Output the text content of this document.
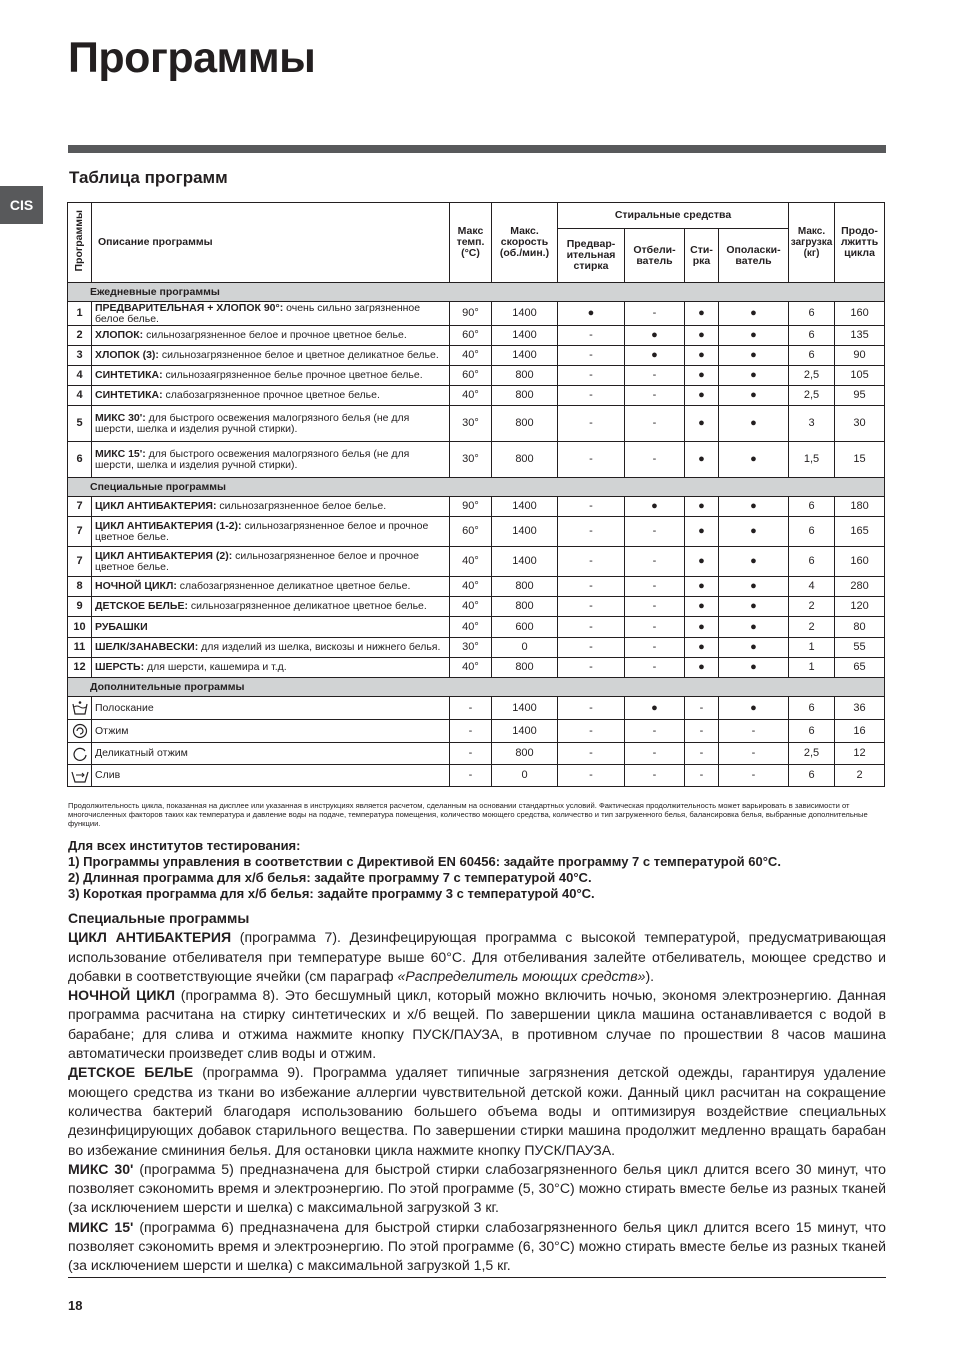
Программы
CIS
Таблица программ
Программы	Описание программы	Макс темп. (°C)	Макс. скорость (об./мин.)	Стиральные средства				Макс. загрузка (кг)	Продо-лжитть цикла
				Предвар-ительная стирка	Отбели-ватель	Сти-рка	Ополаски-ватель		
Ежедневные программы									
1	ПРЕДВАРИТЕЛЬНАЯ + ХЛОПОК 90°: очень сильно загрязненное белое белье.	90°	1400	●	-	●	●	6	160
2	ХЛОПОК: сильнозагрязненное белое и прочное цветное белье.	60°	1400	-	●	●	●	6	135
3	ХЛОПОК (3): сильнозагрязненное белое и цветное деликатное белье.	40°	1400	-	●	●	●	6	90
4	СИНТЕТИКА: сильнозаягрязненное белье прочное цветное белье.	60°	800	-	-	●	●	2,5	105
4	СИНТЕТИКА: слабозагрязненное прочное цветное белье.	40°	800	-	-	●	●	2,5	95
5	МИКС 30': для быстрого освежения малогрязного белья (не для шерсти, шелка и изделия ручной стирки).	30°	800	-	-	●	●	3	30
6	МИКС 15': для быстрого освежения малогрязного белья (не для шерсти, шелка и изделия ручной стирки).	30°	800	-	-	●	●	1,5	15
Специальные программы									
7	ЦИКЛ АНТИБАКТЕРИЯ: сильнозагрязненное белое белье.	90°	1400	-	●	●	●	6	180
7	ЦИКЛ АНТИБАКТЕРИЯ (1-2): сильнозагрязненное белое и прочное цветное белье.	60°	1400	-	-	●	●	6	165
7	ЦИКЛ АНТИБАКТЕРИЯ (2): сильнозагрязненное белое и прочное цветное белье.	40°	1400	-	-	●	●	6	160
8	НОЧНОЙ ЦИКЛ: слабозагрязненное деликатное цветное белье.	40°	800	-	-	●	●	4	280
9	ДЕТСКОЕ БЕЛЬЕ: сильнозагрязненное деликатное цветное белье.	40°	800	-	-	●	●	2	120
10	РУБАШКИ	40°	600	-	-	●	●	2	80
11	ШЕЛК/ЗАНАВЕСКИ: для изделий из шелка, вискозы и нижнего белья.	30°	0	-	-	●	●	1	55
12	ШЕРСТЬ: для шерсти, кашемира и т.д.	40°	800	-	-	●	●	1	65
Дополнительные программы									
	Полоскание	-	1400	-	●	-	●	6	36
	Отжим	-	1400	-	-	-	-	6	16
	Деликатный отжим	-	800	-	-	-	-	2,5	12
	Слив	-	0	-	-	-	-	6	2

Продолжительность цикла, показанная на дисплее или указанная в инструкциях является расчетом, сделанным на основании стандартных условий. Фактическая продолжительность может варьировать в зависимости от многочисленных факторов таких как температура и давление воды на подаче, температура помещения, количество моющего средства, количество и тип загруженного белья, балансировка белья, выбранные дополнительные функции.

Для всех институтов тестирования:
1) Программы управления в соответствии с Директивой EN 60456: задайте программу 7 с температурой 60°C.
2) Длинная программа для х/б белья: задайте программу 7 с температурой 40°C.
3) Короткая программа для х/б белья: задайте программу 3 с температурой 40°C.
Специальные программы

ЦИКЛ АНТИБАКТЕРИЯ (программа 7). Дезинфецирующая программа с высокой температурой, предусматривающая использование отбеливателя при температуре выше 60°С. Для отбеливания залейте отбеливатель, моющее средство и добавки в соответствующие ячейки (см параграф «Распределитель моющих средств»).

НОЧНОЙ ЦИКЛ (программа 8). Это бесшумный цикл, который можно включить ночью, экономя электроэнергию. Данная программа расчитана на стирку синтетических и х/б вещей. По завершении цикла машина останавливается с водой в барабане; для слива и отжима нажмите кнопку ПУСК/ПАУЗА, в противном случае по прошествии 8 часов машина автоматически произведет слив воды и отжим.

ДЕТСКОЕ БЕЛЬЕ (программа 9). Программа удаляет типичные загрязнения детской одежды, гарантируя удаление моющего средства из ткани во избежание аллергии чувствительной детской кожи. Данный цикл расчитан на сокращение количества бактерий благодаря использованию большего объема воды и оптимизируя воздействие специальных дезинфицирующих добавок старильного вещества. По завершении стирки машина продолжит медленно вращать барабан во избежание смининия белья. Для остановки цикла нажмите кнопку ПУСК/ПАУЗА.

МИКС 30' (программа 5) предназначена для быстрой стирки слабозагрязненного белья цикл длится всего 30 минут, что позволяет сэкономить время и электроэнергию. По этой программе (5, 30°C) можно стирать вместе белье из разных тканей (за исключением шерсти и шелка) с максимальной загрузкой 3 кг.

МИКС 15' (программа 6) предназначена для быстрой стирки слабозагрязненного белья цикл длится всего 15 минут, что позволяет сэкономить время и электроэнергию. По этой программе (6, 30°C) можно стирать вместе белье из разных тканей (за исключением шерсти и шелка) с максимальной загрузкой 1,5 кг.

18
